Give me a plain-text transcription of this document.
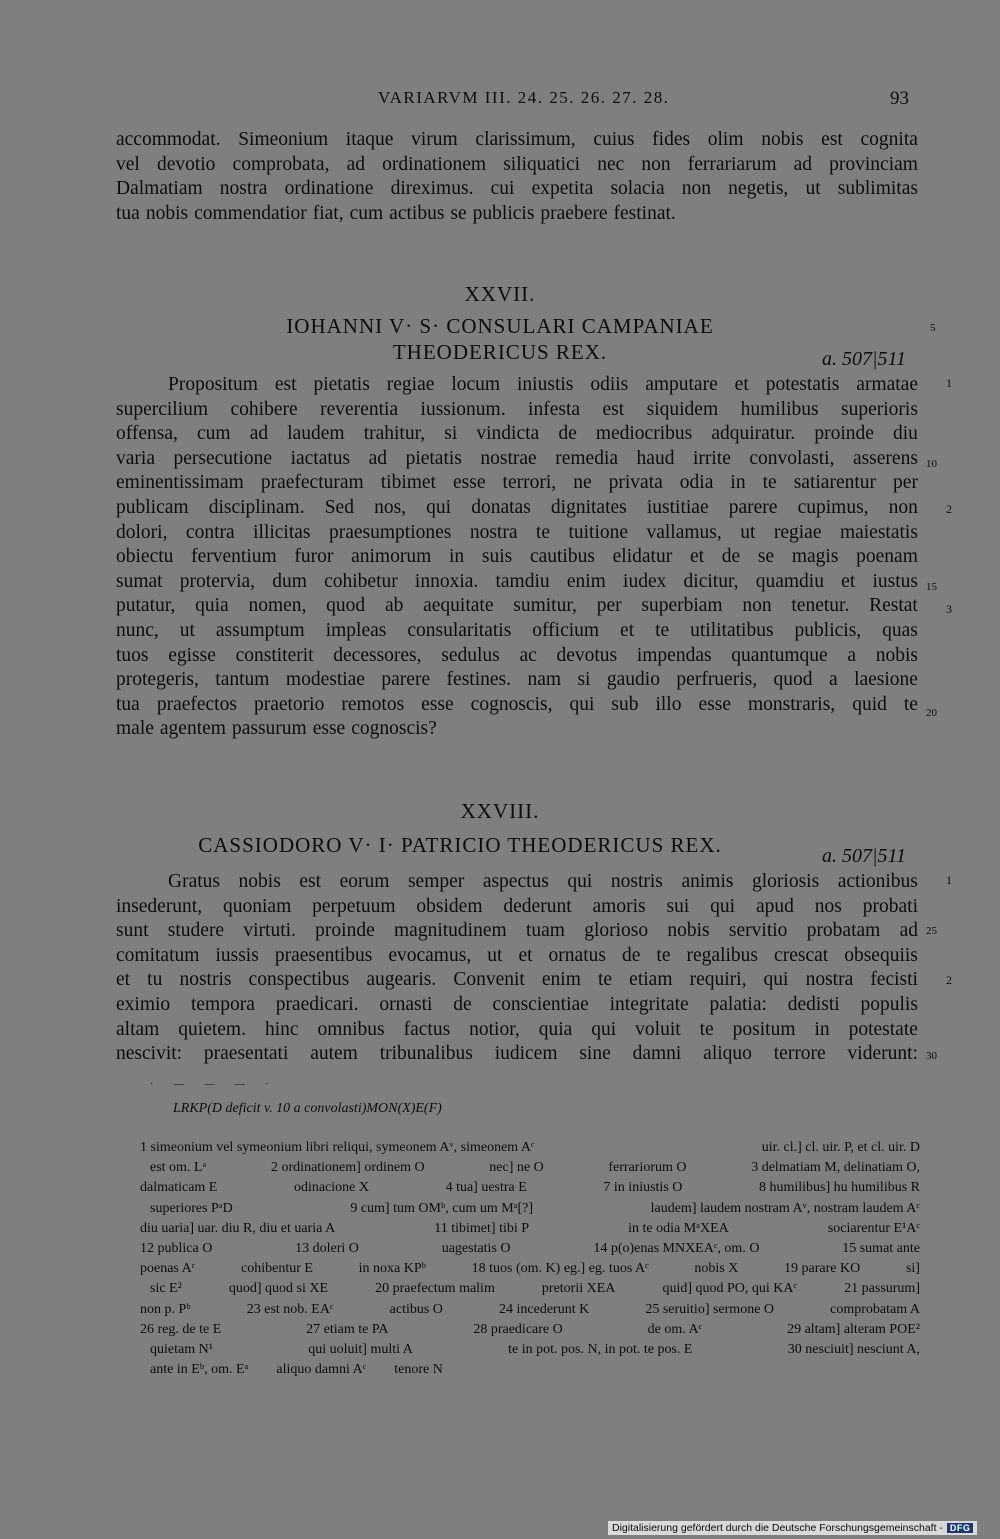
VARIARVM III. 24. 25. 26. 27. 28.	93
accommodat. Simeonium itaque virum clarissimum, cuius fides olim nobis est cognita
vel devotio comprobata, ad ordinationem siliquatici nec non ferrariarum ad provinciam
Dalmatiam nostra ordinatione direximus. cui expetita solacia non negetis, ut sublimitas
tua nobis commendatior fiat, cum actibus se publicis praebere festinat.
XXVII.
IOHANNI V· S· CONSULARI CAMPANIAE
THEODERICUS REX.	a. 507|511
5
Propositum est pietatis regiae locum iniustis odiis amputare et potestatis armatae
supercilium cohibere reverentia iussionum. infesta est siquidem humilibus superioris
offensa, cum ad laudem trahitur, si vindicta de mediocribus adquiratur. proinde diu
varia persecutione iactatus ad pietatis nostrae remedia haud irrite convolasti, asserens
eminentissimam praefecturam tibimet esse terrori, ne privata odia in te satiarentur per
publicam disciplinam. Sed nos, qui donatas dignitates iustitiae parere cupimus, non
dolori, contra illicitas praesumptiones nostra te tuitione vallamus, ut regiae maiestatis
obiectu ferventium furor animorum in suis cautibus elidatur et de se magis poenam
sumat protervia, dum cohibetur innoxia. tamdiu enim iudex dicitur, quamdiu et iustus
putatur, quia nomen, quod ab aequitate sumitur, per superbiam non tenetur. Restat
nunc, ut assumptum impleas consularitatis officium et te utilitatibus publicis, quas
tuos egisse constiterit decessores, sedulus ac devotus impendas quantumque a nobis
protegeris, tantum modestiae parere festines. nam si gaudio perfrueris, quod a laesione
tua praefectos praetorio remotos esse cognoscis, qui sub illo esse monstraris, quid te
male agentem passurum esse cognoscis?
XXVIII.
CASSIODORO V· I· PATRICIO THEODERICUS REX.	a. 507|511
Gratus nobis est eorum semper aspectus qui nostris animis gloriosis actionibus
insederunt, quoniam perpetuum obsidem dederunt amoris sui qui apud nos probati
sunt studere virtuti. proinde magnitudinem tuam glorioso nobis servitio probatam ad
comitatum iussis praesentibus evocamus, ut et ornatus de te regalibus crescat obsequiis
et tu nostris conspectibus augearis. Convenit enim te etiam requiri, qui nostra fecisti
eximio tempora praedicari. ornasti de conscientiae integritate palatia: dedisti populis
altam quietem. hinc omnibus factus notior, quia qui voluit te positum in potestate
nescivit: praesentati autem tribunalibus iudicem sine damni aliquo terrore viderunt:
· — — — ·
LRKP(D deficit v. 10 a convolasti)MON(X)E(F)
1 simeonium vel symeonium libri reliqui, symeonem Aᵛ, simeonem Aᶜ	uir. cl.] cl. uir. P, et cl. uir. D
est om. Lᵃ	2 ordinationem] ordinem O	nec] ne O	ferrariorum O	3 delmatiam M, delinatiam O,
dalmaticam E	odinacione X	4 tua] uestra E	7 in iniustis O	8 humilibus] hu humilibus R
superiores PᵃD	9 cum] tum OMᵇ, cum um Mᵃ[?]	laudem] laudem nostram Aᵛ, nostram laudem Aᶜ
diu uaria] uar. diu R, diu et uaria A	11 tibimet] tibi P	in te odia MᵃXEA	sociarentur E¹Aᶜ
12 publica O	13 doleri O	uagestatis O	14 p(o)enas MNXEAᶜ, om. O	15 sumat ante
poenas Aᶜ	cohibentur E	in noxa KPᵇ	18 tuos (om. K) eg.] eg. tuos Aᶜ	nobis X	19 parare KO	si]
sic E²	quod] quod si XE	20 praefectum malim	pretorii XEA	quid] quod PO, qui KAᶜ	21 passurum]
non p. Pᵇ	23 est nob. EAᶜ	actibus O	24 incederunt K	25 seruitio] sermone O	comprobatam A
26 reg. de te E	27 etiam te PA	28 praedicare O	de om. Aᶜ	29 altam] alteram POE²
quietam N¹	qui uoluit] multi A	te in pot. pos. N, in pot. te pos. E	30 nesciuit] nesciunt A,
ante in Eᵇ, om. Eᵃ aliquo damni Aᶜ tenore N
Digitalisierung gefördert durch die Deutsche Forschungsgemeinschaft - DFG
1
2
3
10
15
20
1
2
25
30
